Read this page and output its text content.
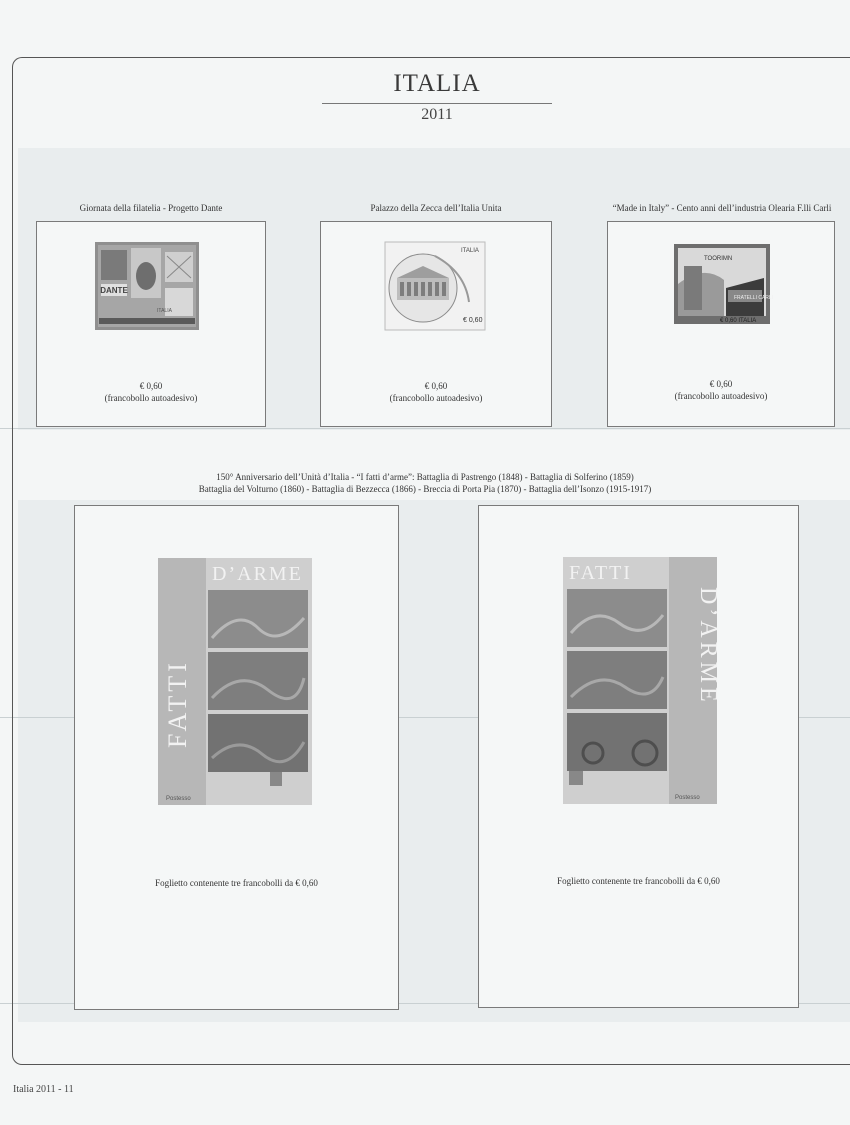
ITALIA
2011
Giornata della filatelia - Progetto Dante
DANTE
ITALIA
€ 0,60
(francobollo autoadesivo)
Palazzo della Zecca dell’Italia Unita
ITALIA
€ 0,60
€ 0,60
(francobollo autoadesivo)
“Made in Italy” - Cento anni dell’industria Olearia F.lli Carli
FRATELLI CARLI
TOORIMN
€ 0,60 ITALIA
€ 0,60
(francobollo autoadesivo)
150° Anniversario dell’Unità d’Italia - “I fatti d’arme”: Battaglia di Pastrengo (1848) - Battaglia di Solferino (1859)
Battaglia del Volturno (1860) - Battaglia di Bezzecca (1866) - Breccia di Porta Pia (1870) - Battaglia dell’Isonzo (1915-1917)
D’ARME
FATTI
Postesso
Foglietto contenente tre francobolli da € 0,60
FATTI
D’ARME
Postesso
Foglietto contenente tre francobolli da € 0,60
Italia 2011 - 11
